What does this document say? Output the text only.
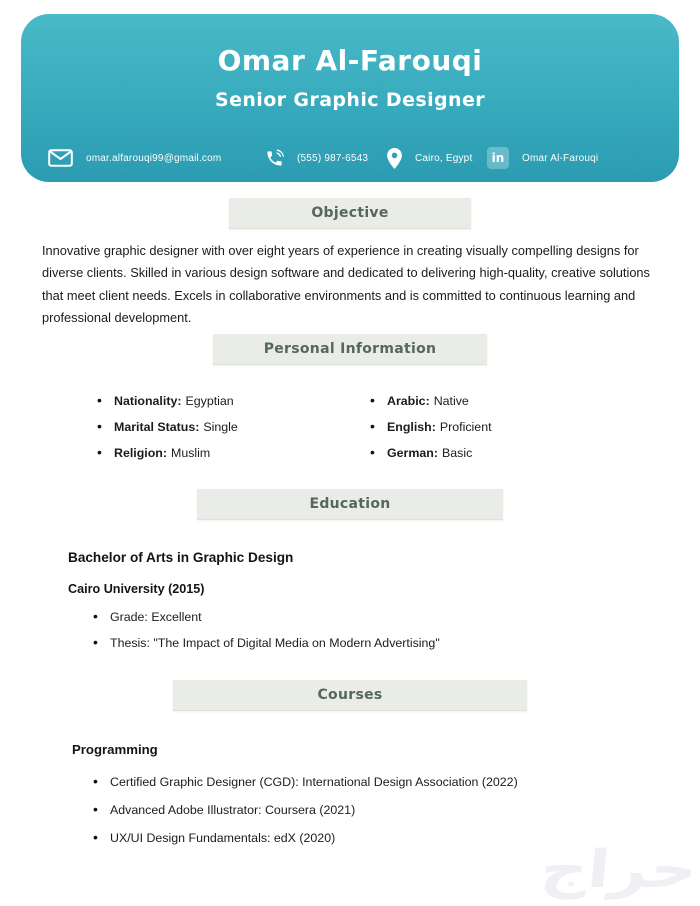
Omar Al-Farouqi
Senior Graphic Designer
omar.alfarouqi99@gmail.com	(555) 987-6543	Cairo, Egypt	in	Omar Al-Farouqi
Objective

Innovative graphic designer with over eight years of experience in creating visually compelling designs for diverse clients. Skilled in various design software and dedicated to delivering high-quality, creative solutions that meet client needs. Excels in collaborative environments and is committed to continuous learning and professional development.

Personal Information
• Nationality: Egyptian
• Marital Status: Single
• Religion: Muslim
• Arabic: Native
• English: Proficient
• German: Basic
Education
Bachelor of Arts in Graphic Design
Cairo University (2015)
• Grade: Excellent
• Thesis: "The Impact of Digital Media on Modern Advertising"
Courses
Programming
• Certified Graphic Designer (CGD): International Design Association (2022)
• Advanced Adobe Illustrator: Coursera (2021)
• UX/UI Design Fundamentals: edX (2020)
حراج
